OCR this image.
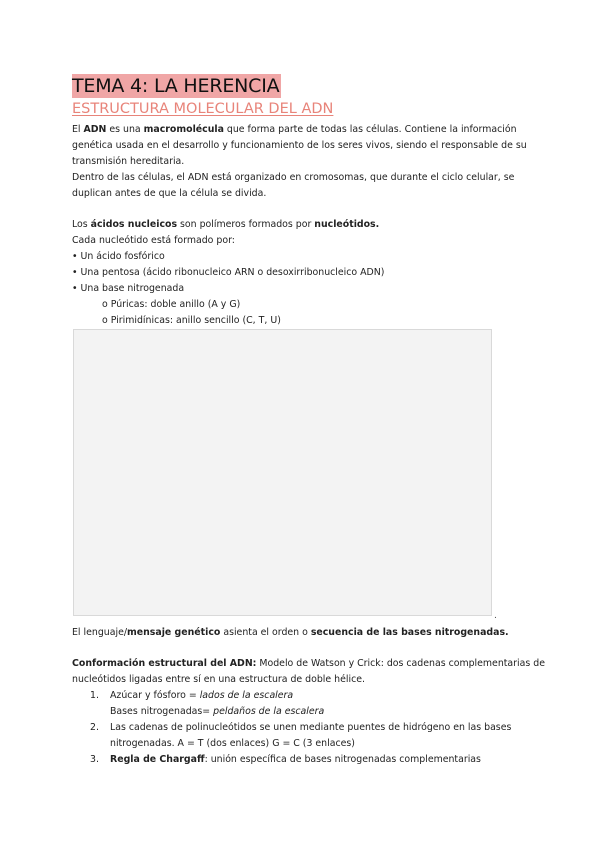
TEMA 4: LA HERENCIA
ESTRUCTURA MOLECULAR DEL ADN
El ADN es una macromolécula que forma parte de todas las células. Contiene la información
genética usada en el desarrollo y funcionamiento de los seres vivos, siendo el responsable de su
transmisión hereditaria.
Dentro de las células, el ADN está organizado en cromosomas, que durante el ciclo celular, se
duplican antes de que la célula se divida.
Los ácidos nucleicos son polímeros formados por nucleótidos.
Cada nucleótido está formado por:
• Un ácido fosfórico
• Una pentosa (ácido ribonucleico ARN o desoxirribonucleico ADN)
• Una base nitrogenada
o Púricas: doble anillo (A y G)
o Pirimidínicas: anillo sencillo (C, T, U)
.
El lenguaje/mensaje genético asienta el orden o secuencia de las bases nitrogenadas.
Conformación estructural del ADN: Modelo de Watson y Crick: dos cadenas complementarias de
nucleótidos ligadas entre sí en una estructura de doble hélice.
1. Azúcar y fósforo = lados de la escalera
Bases nitrogenadas= peldaños de la escalera
2. Las cadenas de polinucleótidos se unen mediante puentes de hidrógeno en las bases
nitrogenadas. A = T (dos enlaces) G = C (3 enlaces)
3. Regla de Chargaff: unión específica de bases nitrogenadas complementarias
